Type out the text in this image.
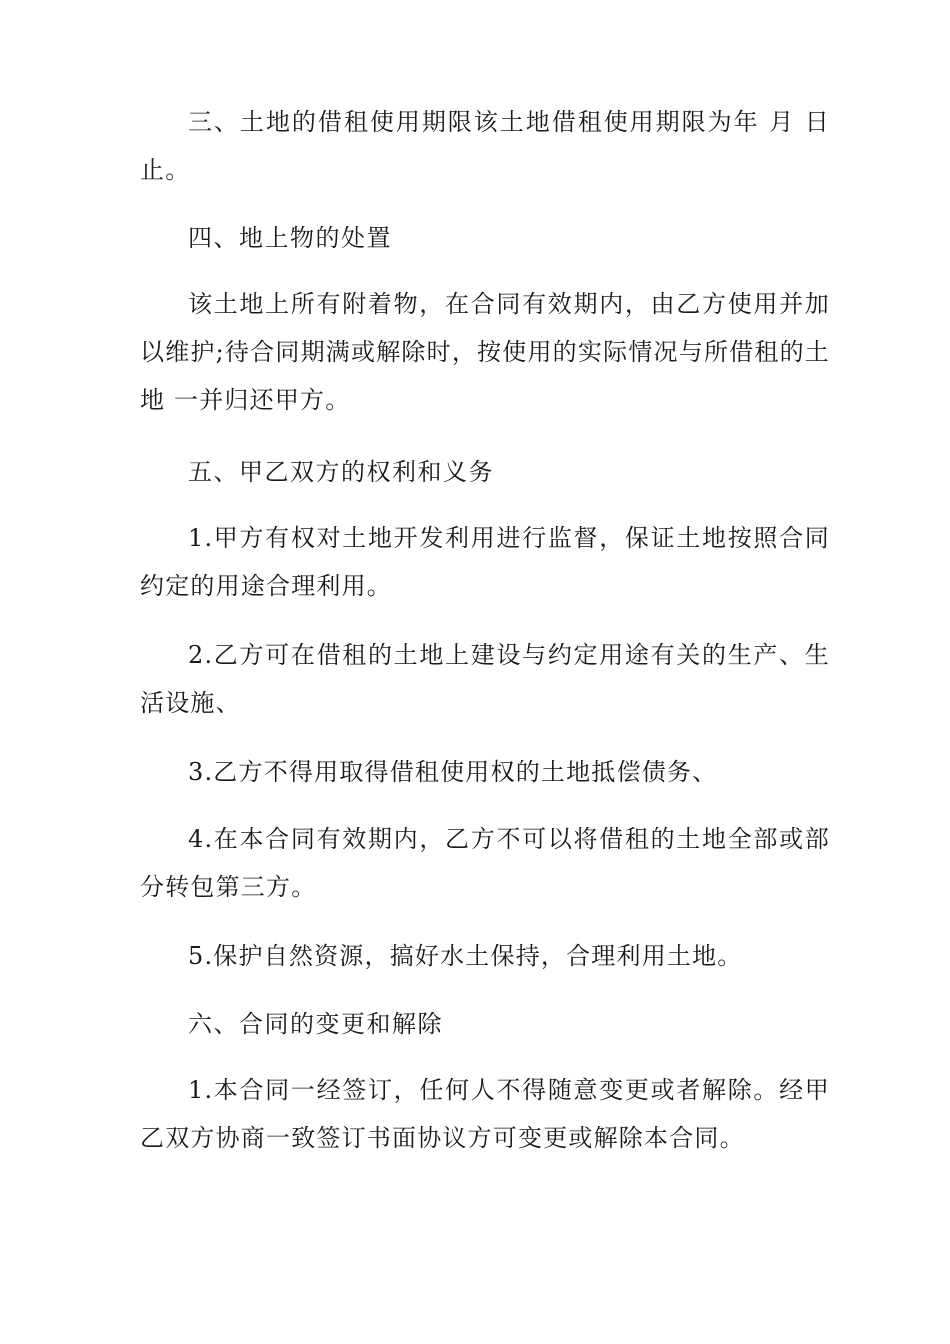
三、土地的借租使用期限该土地借租使用期限为年 月 日止。

四、地上物的处置

该土地上所有附着物，在合同有效期内，由乙方使用并加以维护;待合同期满或解除时，按使用的实际情况与所借租的土地 一并归还甲方。

五、甲乙双方的权利和义务

1.甲方有权对土地开发利用进行监督，保证土地按照合同约定的用途合理利用。

2.乙方可在借租的土地上建设与约定用途有关的生产、生活设施、

3.乙方不得用取得借租使用权的土地抵偿债务、

4.在本合同有效期内，乙方不可以将借租的土地全部或部分转包第三方。

5.保护自然资源，搞好水土保持，合理利用土地。

六、合同的变更和解除

1.本合同一经签订，任何人不得随意变更或者解除。经甲乙双方协商一致签订书面协议方可变更或解除本合同。
